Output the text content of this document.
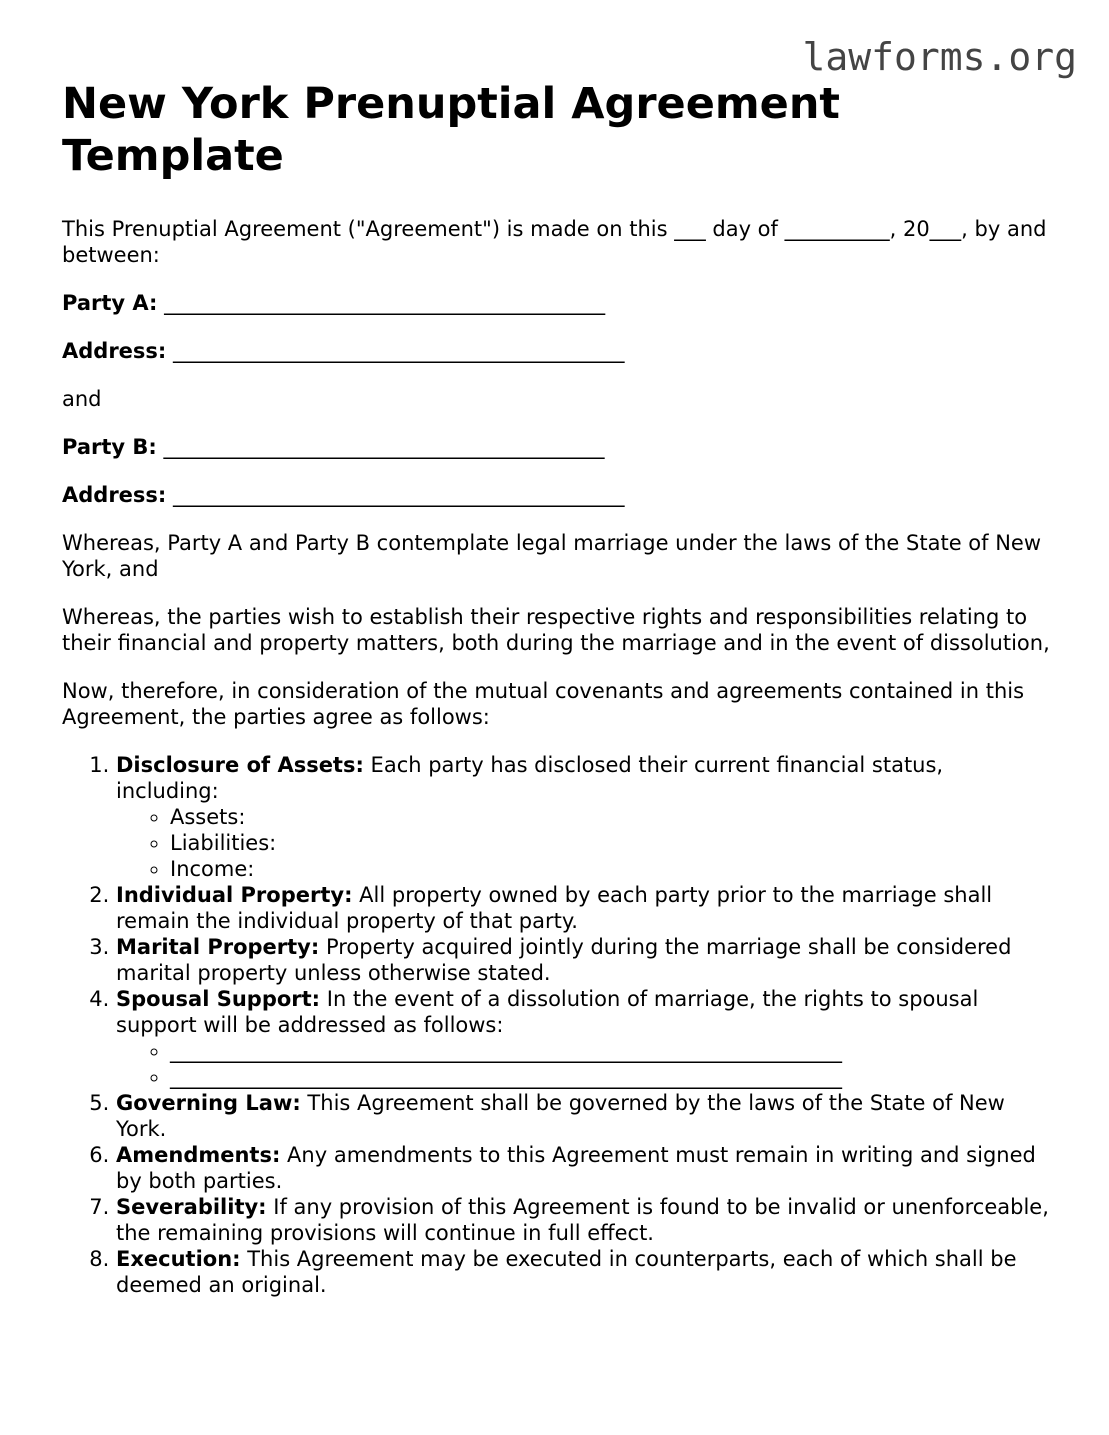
lawforms.org
New York Prenuptial Agreement Template

This Prenuptial Agreement ("Agreement") is made on this ___ day of __________, 20___, by and between:

Party A: __________________________________________

Address: ___________________________________________

and

Party B: __________________________________________

Address: ___________________________________________

Whereas, Party A and Party B contemplate legal marriage under the laws of the State of New York, and

Whereas, the parties wish to establish their respective rights and responsibilities relating to their financial and property matters, both during the marriage and in the event of dissolution,

Now, therefore, in consideration of the mutual covenants and agreements contained in this Agreement, the parties agree as follows:

1. Disclosure of Assets: Each party has disclosed their current financial status, including:
◦ Assets:
◦ Liabilities:
◦ Income:
2. Individual Property: All property owned by each party prior to the marriage shall remain the individual property of that party.
3. Marital Property: Property acquired jointly during the marriage shall be considered marital property unless otherwise stated.
4. Spousal Support: In the event of a dissolution of marriage, the rights to spousal support will be addressed as follows:
◦ ________________________________________________________________
◦ ________________________________________________________________
5. Governing Law: This Agreement shall be governed by the laws of the State of New York.
6. Amendments: Any amendments to this Agreement must remain in writing and signed by both parties.
7. Severability: If any provision of this Agreement is found to be invalid or unenforceable, the remaining provisions will continue in full effect.
8. Execution: This Agreement may be executed in counterparts, each of which shall be deemed an original.
